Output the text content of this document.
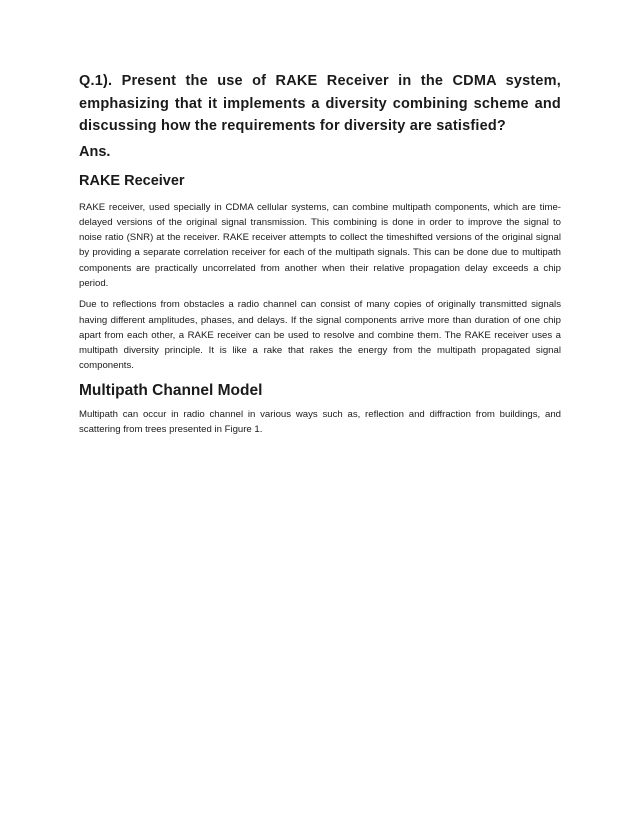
Q.1). Present the use of RAKE Receiver in the CDMA system, emphasizing that it implements a diversity combining scheme and discussing how the requirements for diversity are satisfied?

Ans.

RAKE Receiver

RAKE receiver, used specially in CDMA cellular systems, can combine multipath components, which are time-delayed versions of the original signal transmission. This combining is done in order to improve the signal to noise ratio (SNR) at the receiver. RAKE receiver attempts to collect the timeshifted versions of the original signal by providing a separate correlation receiver for each of the multipath signals. This can be done due to multipath components are practically uncorrelated from another when their relative propagation delay exceeds a chip period.

Due to reflections from obstacles a radio channel can consist of many copies of originally transmitted signals having different amplitudes, phases, and delays. If the signal components arrive more than duration of one chip apart from each other, a RAKE receiver can be used to resolve and combine them. The RAKE receiver uses a multipath diversity principle. It is like a rake that rakes the energy from the multipath propagated signal components.

Multipath Channel Model

Multipath can occur in radio channel in various ways such as, reflection and diffraction from buildings, and scattering from trees presented in Figure 1.
